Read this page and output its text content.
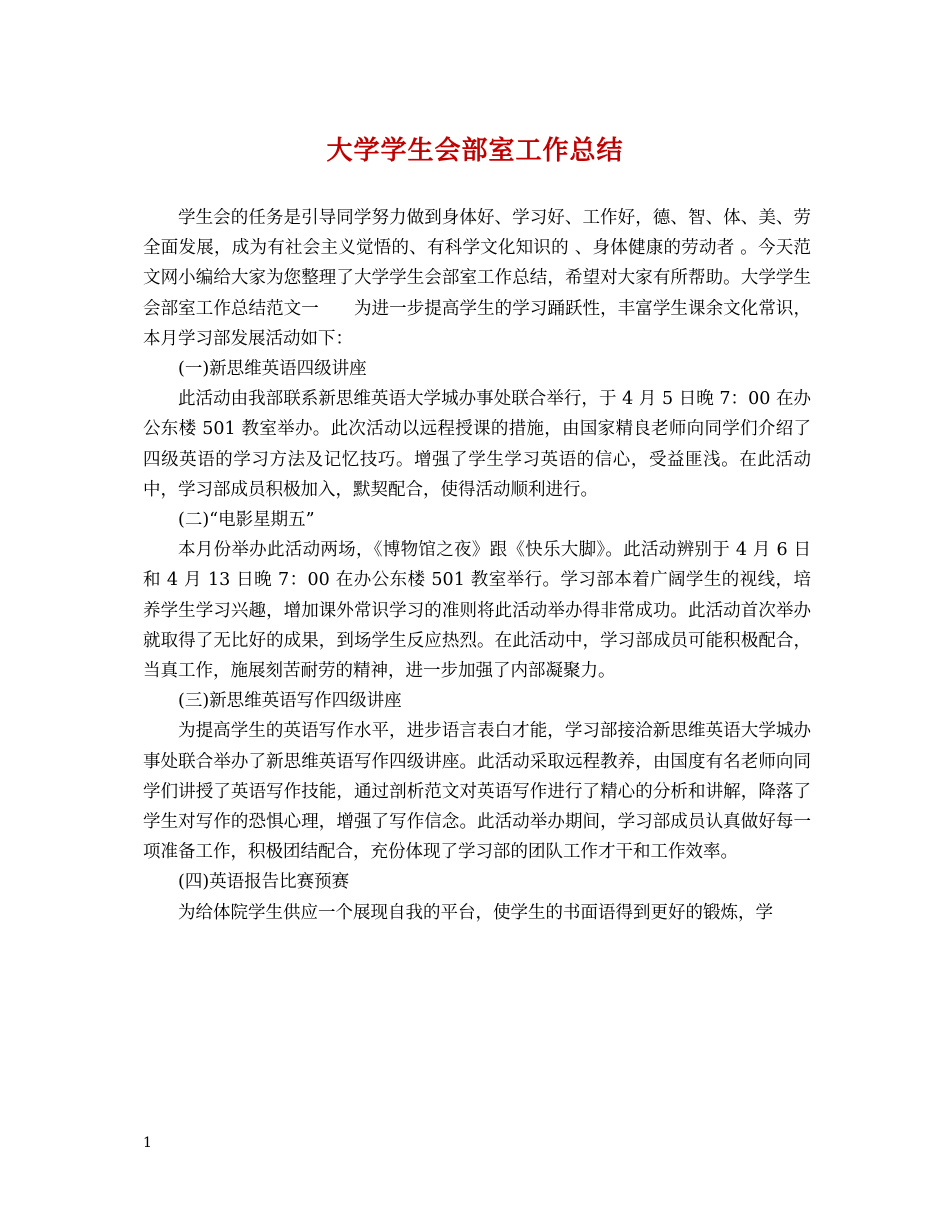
大学学生会部室工作总结

学生会的任务是引导同学努力做到身体好、学习好、工作好，德、智、体、美、劳全面发展，成为有社会主义觉悟的、有科学文化知识的 、身体健康的劳动者 。今天范文网小编给大家为您整理了大学学生会部室工作总结，希望对大家有所帮助。大学学生会部室工作总结范文一　　为进一步提高学生的学习踊跃性，丰富学生课余文化常识，本月学习部发展活动如下：

(一)新思维英语四级讲座

此活动由我部联系新思维英语大学城办事处联合举行，于 4 月 5 日晚 7：00 在办公东楼 501 教室举办。此次活动以远程授课的措施，由国家精良老师向同学们介绍了四级英语的学习方法及记忆技巧。增强了学生学习英语的信心，受益匪浅。在此活动中，学习部成员积极加入，默契配合，使得活动顺利进行。

(二)“电影星期五”

本月份举办此活动两场，《博物馆之夜》跟《快乐大脚》。此活动辨别于 4 月 6 日和 4 月 13 日晚 7：00 在办公东楼 501 教室举行。学习部本着广阔学生的视线，培养学生学习兴趣，增加课外常识学习的准则将此活动举办得非常成功。此活动首次举办就取得了无比好的成果，到场学生反应热烈。在此活动中，学习部成员可能积极配合，当真工作，施展刻苦耐劳的精神，进一步加强了内部凝聚力。

(三)新思维英语写作四级讲座

为提高学生的英语写作水平，进步语言表白才能，学习部接洽新思维英语大学城办事处联合举办了新思维英语写作四级讲座。此活动采取远程教养，由国度有名老师向同学们讲授了英语写作技能，通过剖析范文对英语写作进行了精心的分析和讲解，降落了学生对写作的恐惧心理，增强了写作信念。此活动举办期间，学习部成员认真做好每一项准备工作，积极团结配合，充份体现了学习部的团队工作才干和工作效率。

(四)英语报告比赛预赛

为给体院学生供应一个展现自我的平台，使学生的书面语得到更好的锻炼，学

1
